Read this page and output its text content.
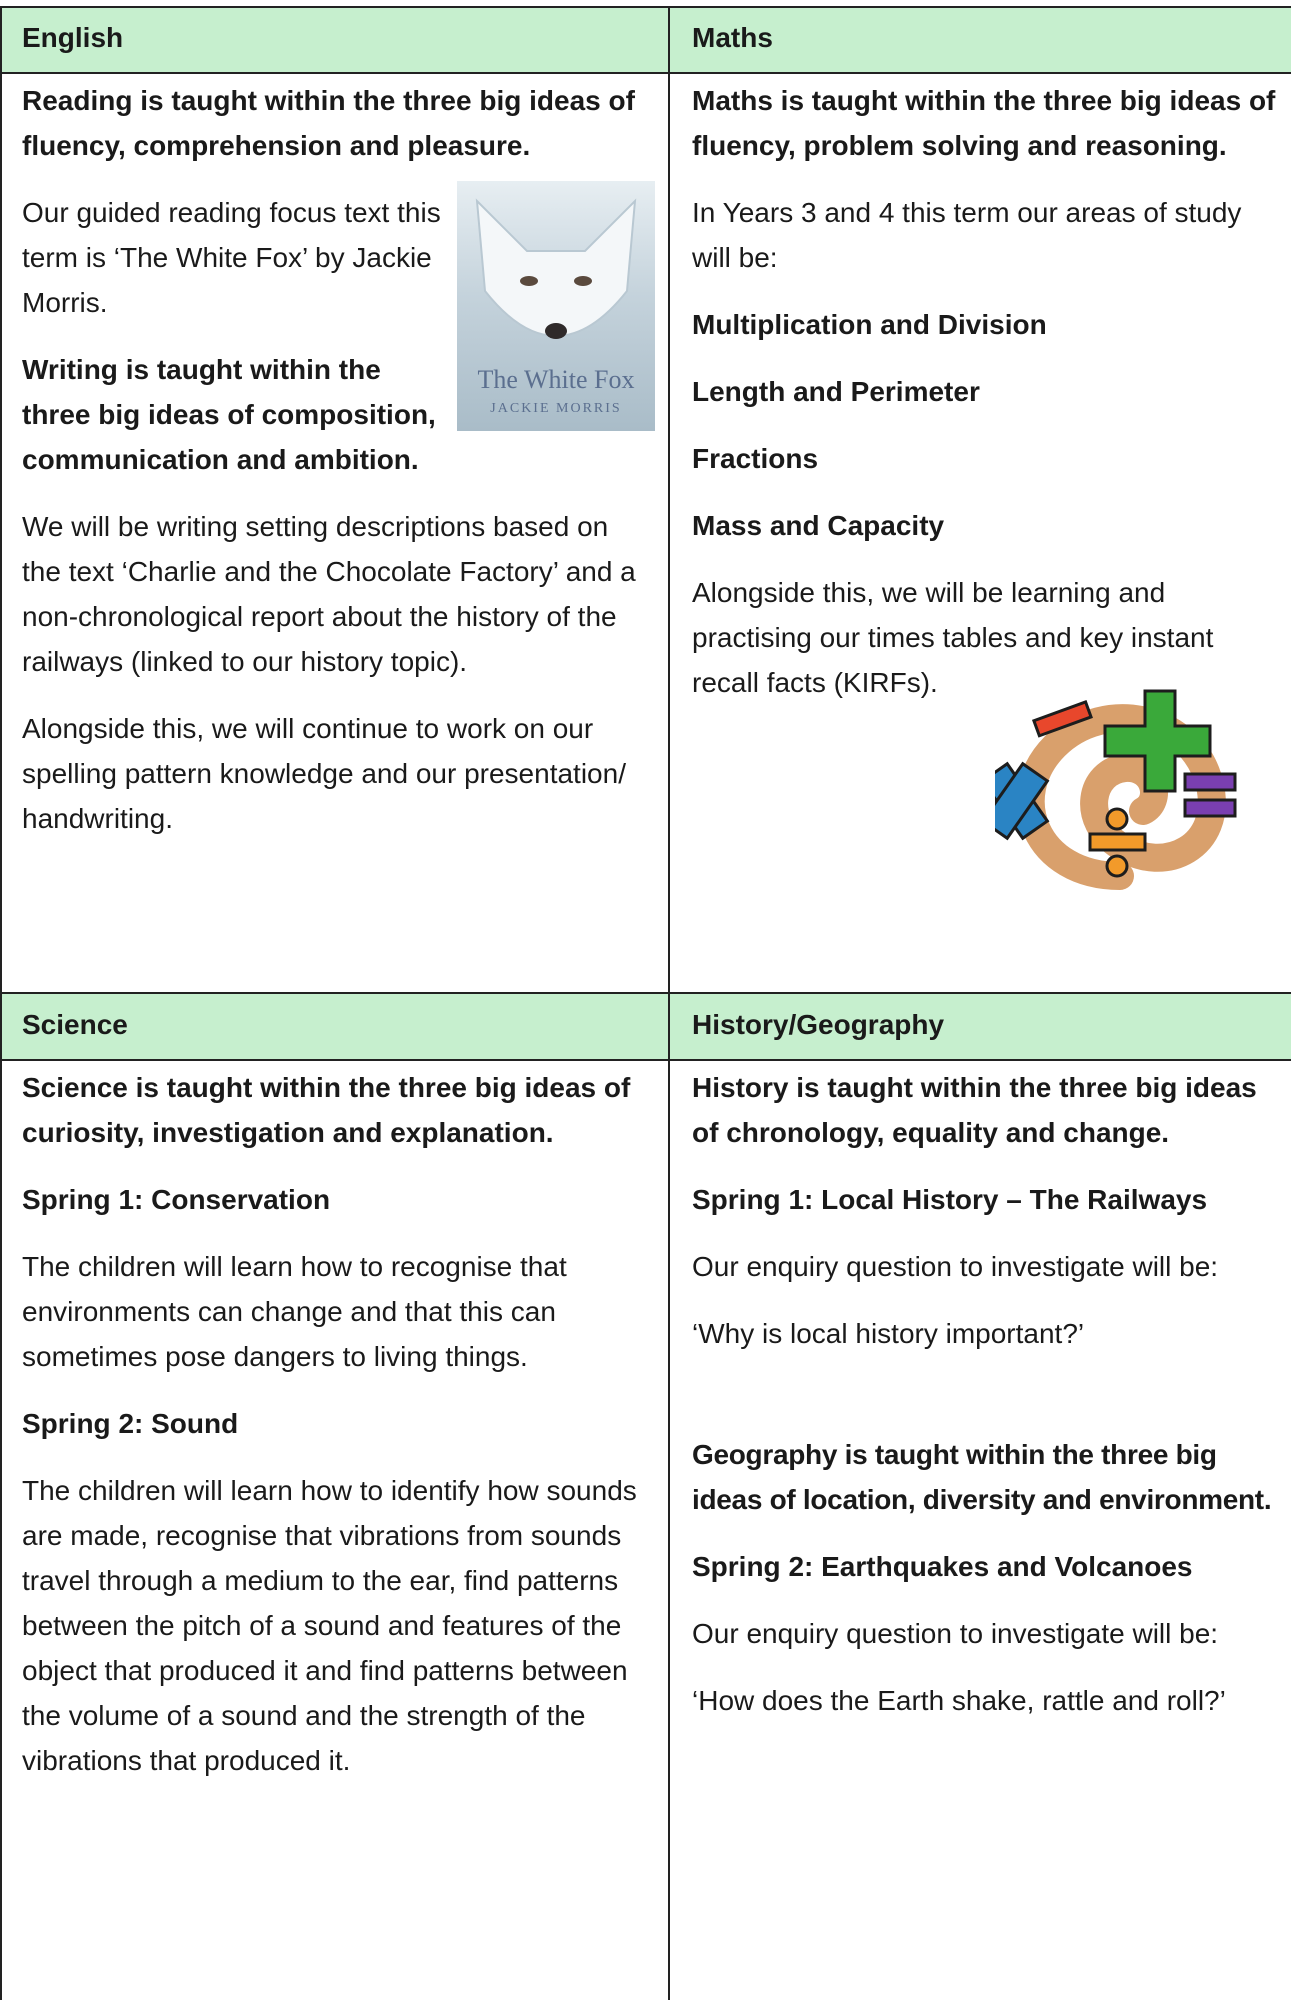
English	Maths
Science	History/Geography

Reading is taught within the three big ideas of fluency, comprehension and pleasure.

Our guided reading focus text this term is ‘The White Fox’ by Jackie Morris.

Writing is taught within the three big ideas of composition, communication and ambition.

We will be writing setting descriptions based on the text ‘Charlie and the Chocolate Factory’ and a non-chronological report about the history of the railways (linked to our history topic).

Alongside this, we will continue to work on our spelling pattern knowledge and our presentation/ handwriting.

The White Fox
JACKIE MORRIS

Maths is taught within the three big ideas of fluency, problem solving and reasoning.

In Years 3 and 4 this term our areas of study will be:

Multiplication and Division

Length and Perimeter

Fractions

Mass and Capacity

Alongside this, we will be learning and practising our times tables and key instant recall facts (KIRFs).

Science is taught within the three big ideas of curiosity, investigation and explanation.

Spring 1: Conservation

The children will learn how to recognise that environments can change and that this can sometimes pose dangers to living things.

Spring 2: Sound

The children will learn how to identify how sounds are made, recognise that vibrations from sounds travel through a medium to the ear, find patterns between the pitch of a sound and features of the object that produced it and find patterns between the volume of a sound and the strength of the vibrations that produced it.

History is taught within the three big ideas of chronology, equality and change.

Spring 1: Local History – The Railways

Our enquiry question to investigate will be:

‘Why is local history important?’

Geography is taught within the three big ideas of location, diversity and environment.

Spring 2: Earthquakes and Volcanoes

Our enquiry question to investigate will be:

‘How does the Earth shake, rattle and roll?’
